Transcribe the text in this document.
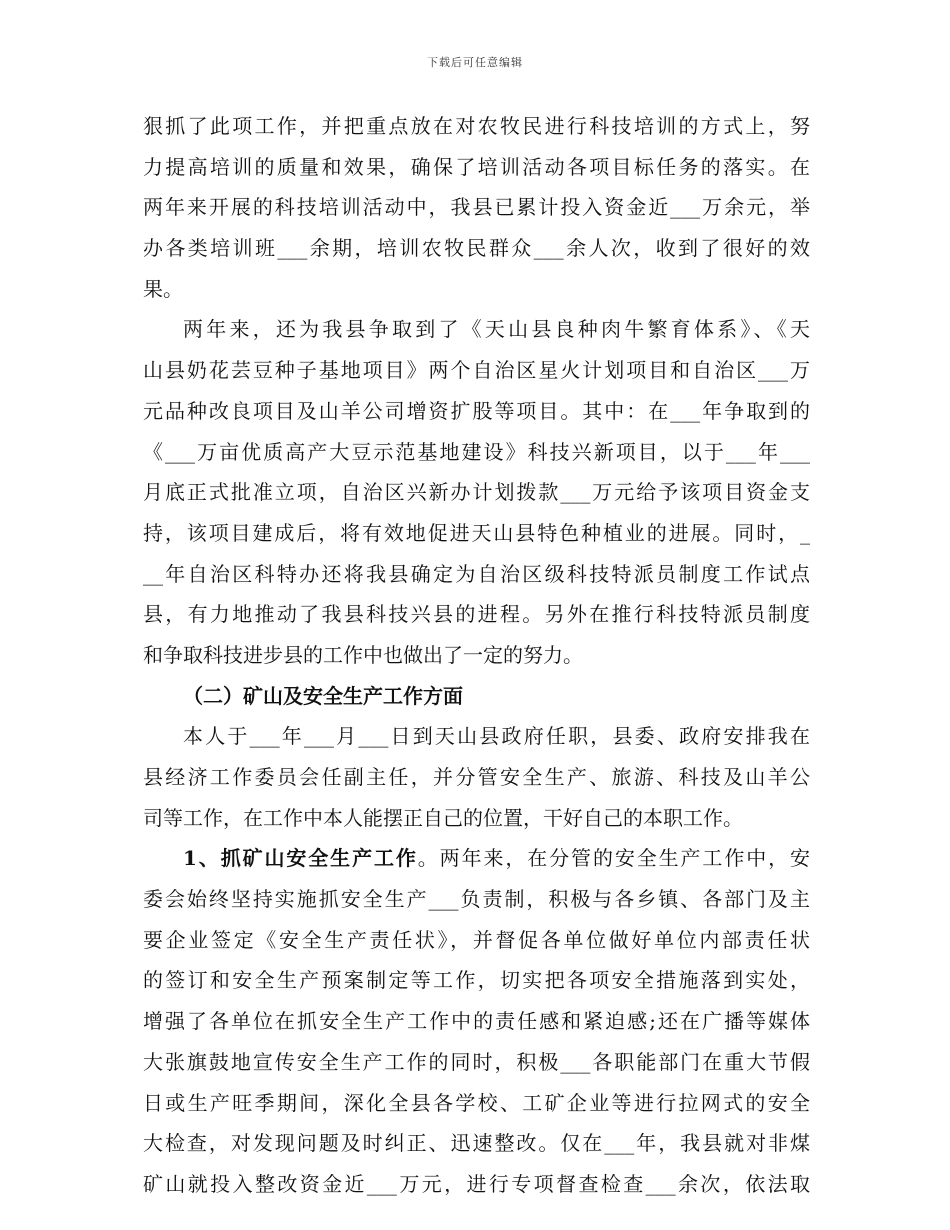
下载后可任意编辑
狠抓了此项工作，并把重点放在对农牧民进行科技培训的方式上，努
力提高培训的质量和效果，确保了培训活动各项目标任务的落实。在
两年来开展的科技培训活动中，我县已累计投入资金近___万余元，举
办各类培训班___余期，培训农牧民群众___余人次，收到了很好的效
果。
两年来，还为我县争取到了《天山县良种肉牛繁育体系》、《天
山县奶花芸豆种子基地项目》两个自治区星火计划项目和自治区___万
元品种改良项目及山羊公司增资扩股等项目。其中：在___年争取到的
《___万亩优质高产大豆示范基地建设》科技兴新项目，以于___年___
月底正式批准立项，自治区兴新办计划拨款___万元给予该项目资金支
持，该项目建成后，将有效地促进天山县特色种植业的进展。同时，_
__年自治区科特办还将我县确定为自治区级科技特派员制度工作试点
县，有力地推动了我县科技兴县的进程。另外在推行科技特派员制度
和争取科技进步县的工作中也做出了一定的努力。
（二）矿山及安全生产工作方面
本人于___年___月___日到天山县政府任职，县委、政府安排我在
县经济工作委员会任副主任，并分管安全生产、旅游、科技及山羊公
司等工作，在工作中本人能摆正自己的位置，干好自己的本职工作。
1、抓矿山安全生产工作。两年来，在分管的安全生产工作中，安
委会始终坚持实施抓安全生产___负责制，积极与各乡镇、各部门及主
要企业签定《安全生产责任状》，并督促各单位做好单位内部责任状
的签订和安全生产预案制定等工作，切实把各项安全措施落到实处，
增强了各单位在抓安全生产工作中的责任感和紧迫感;还在广播等媒体
大张旗鼓地宣传安全生产工作的同时，积极___各职能部门在重大节假
日或生产旺季期间，深化全县各学校、工矿企业等进行拉网式的安全
大检查，对发现问题及时纠正、迅速整改。仅在___年，我县就对非煤
矿山就投入整改资金近___万元，进行专项督查检查___余次，依法取
